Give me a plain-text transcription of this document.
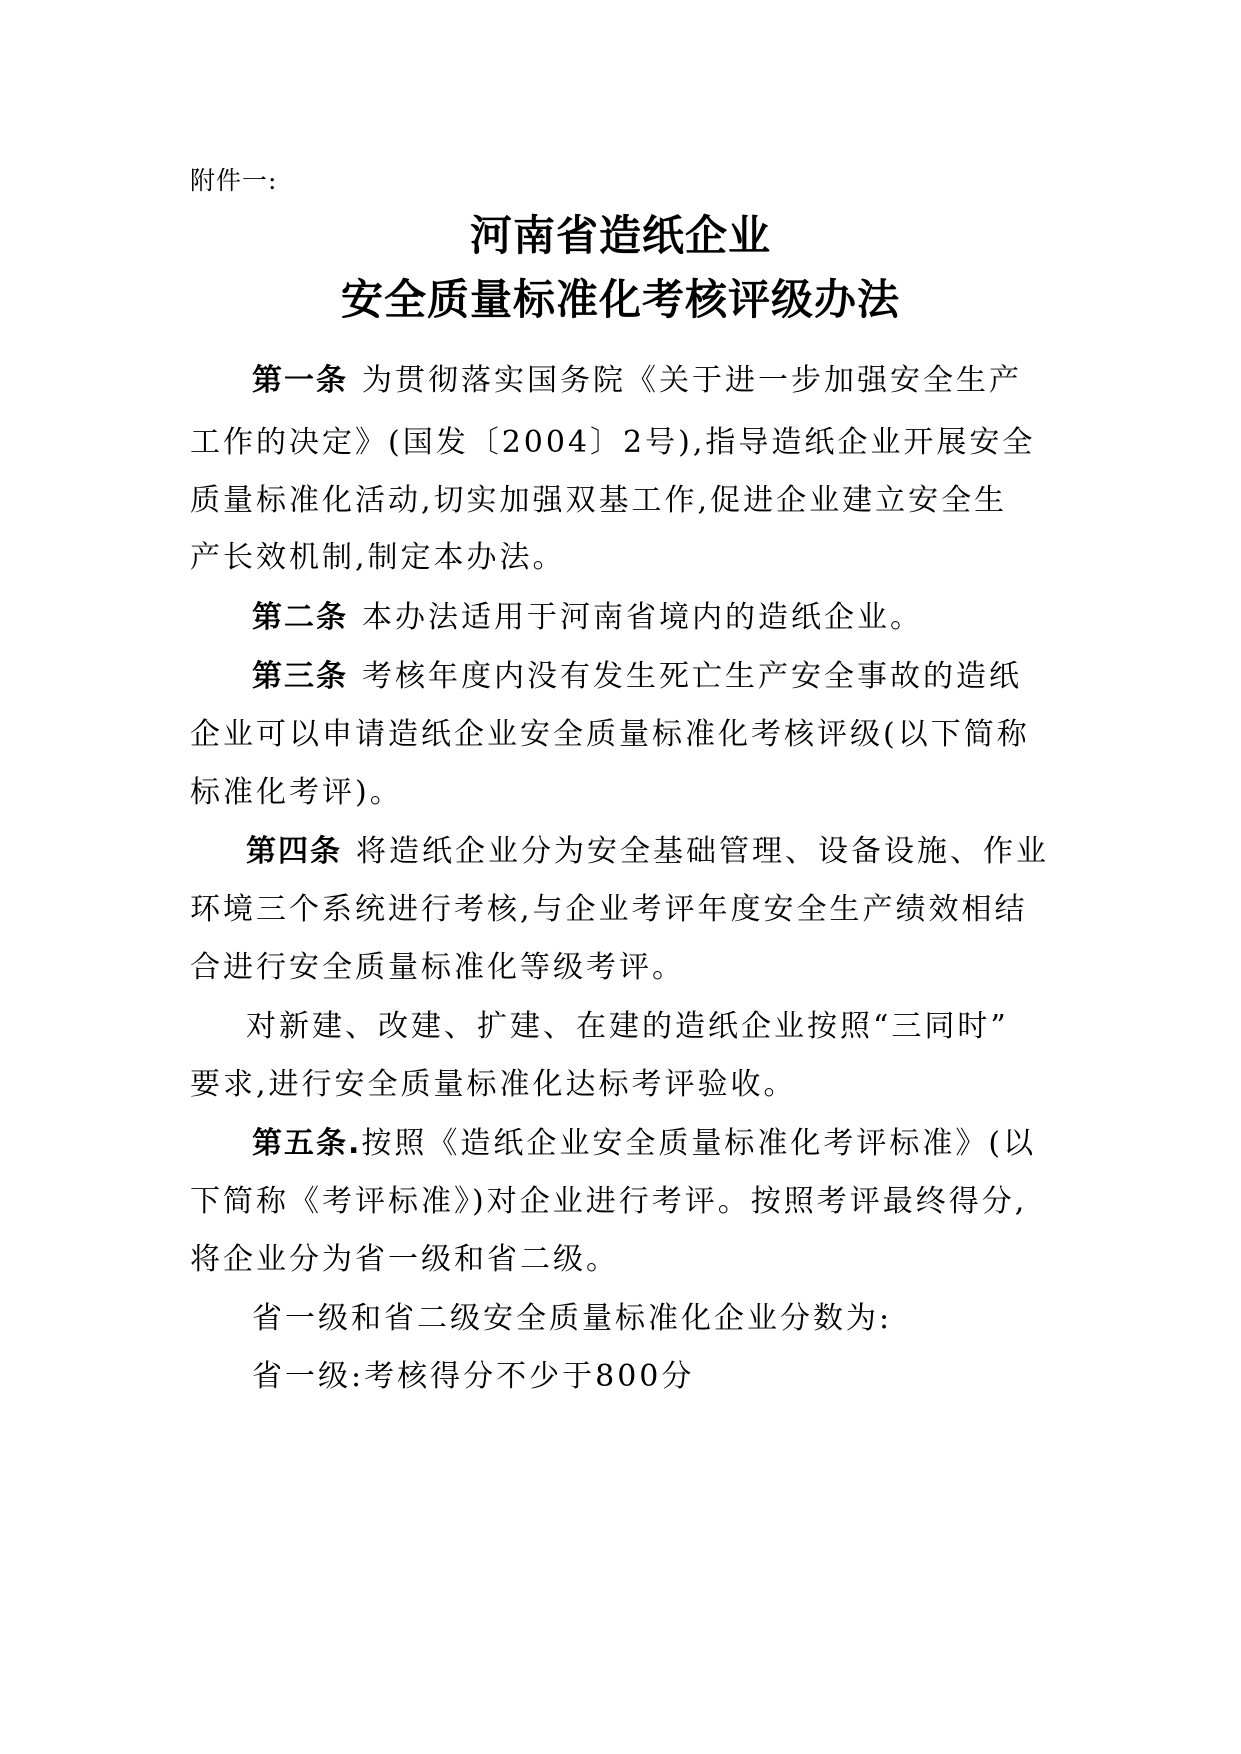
附件一:
河南省造纸企业
安全质量标准化考核评级办法
第一条 为贯彻落实国务院《关于进一步加强安全生产
工作的决定》(国发〔2004〕2号),指导造纸企业开展安全
质量标准化活动,切实加强双基工作,促进企业建立安全生
产长效机制,制定本办法。
第二条 本办法适用于河南省境内的造纸企业。
第三条 考核年度内没有发生死亡生产安全事故的造纸
企业可以申请造纸企业安全质量标准化考核评级(以下简称
标准化考评)。
第四条 将造纸企业分为安全基础管理、设备设施、作业
环境三个系统进行考核,与企业考评年度安全生产绩效相结
合进行安全质量标准化等级考评。
对新建、改建、扩建、在建的造纸企业按照“三同时”
要求,进行安全质量标准化达标考评验收。
第五条.按照《造纸企业安全质量标准化考评标准》(以
下简称《考评标准》)对企业进行考评。按照考评最终得分,
将企业分为省一级和省二级。
省一级和省二级安全质量标准化企业分数为:
省一级:考核得分不少于800分
